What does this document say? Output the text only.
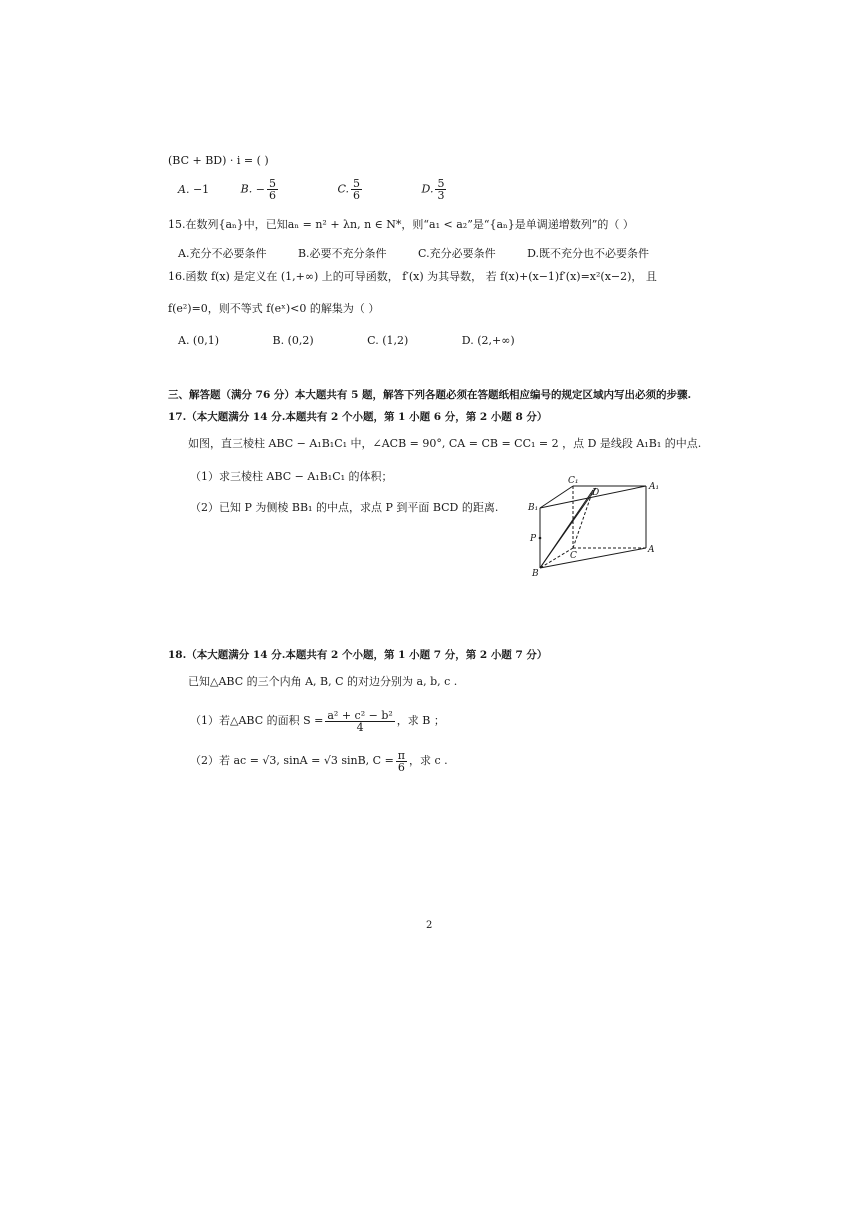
(BC + BD) · i = ( )
A. −1	B. − $\frac{5}{6}$	C. $\frac{5}{6}$	D. $\frac{5}{3}$
15.在数列{aₙ}中，已知aₙ = n² + λn, n ∈ N*，则“a₁ < a₂”是“{aₙ}是单调递增数列”的（ ）
A.充分不必要条件	B.必要不充分条件	C.充分必要条件	D.既不充分也不必要条件
16.函数 f(x) 是定义在 (1,+∞) 上的可导函数， f′(x) 为其导数， 若 f(x)+(x−1)f′(x)=x²(x−2)， 且
f(e²)=0，则不等式 f(eˣ)<0 的解集为（ ）
A. (0,1)	B. (0,2)	C. (1,2)	D. (2,+∞)
三、解答题（满分 76 分）本大题共有 5 题，解答下列各题必须在答题纸相应编号的规定区域内写出必须的步骤.
17.（本大题满分 14 分.本题共有 2 个小题，第 1 小题 6 分，第 2 小题 8 分）
如图，直三棱柱 ABC − A₁B₁C₁ 中，∠ACB = 90°, CA = CB = CC₁ = 2 ，点 D 是线段 A₁B₁ 的中点.
（1）求三棱柱 ABC − A₁B₁C₁ 的体积；
（2）已知 P 为侧棱 BB₁ 的中点，求点 P 到平面 BCD 的距离.
C₁
D
A₁
B₁
P
C
A
B
18.（本大题满分 14 分.本题共有 2 个小题，第 1 小题 7 分，第 2 小题 7 分）
已知△ABC 的三个内角 A, B, C 的对边分别为 a, b, c .
（1）若△ABC 的面积 $S = \frac{\text{a² + c² − b²}}{4}$ ，求 B ；
（2）若 ac = √3, sinA = √3 sinB, $C = \frac{\pi}{6}$ ，求 c .
2
